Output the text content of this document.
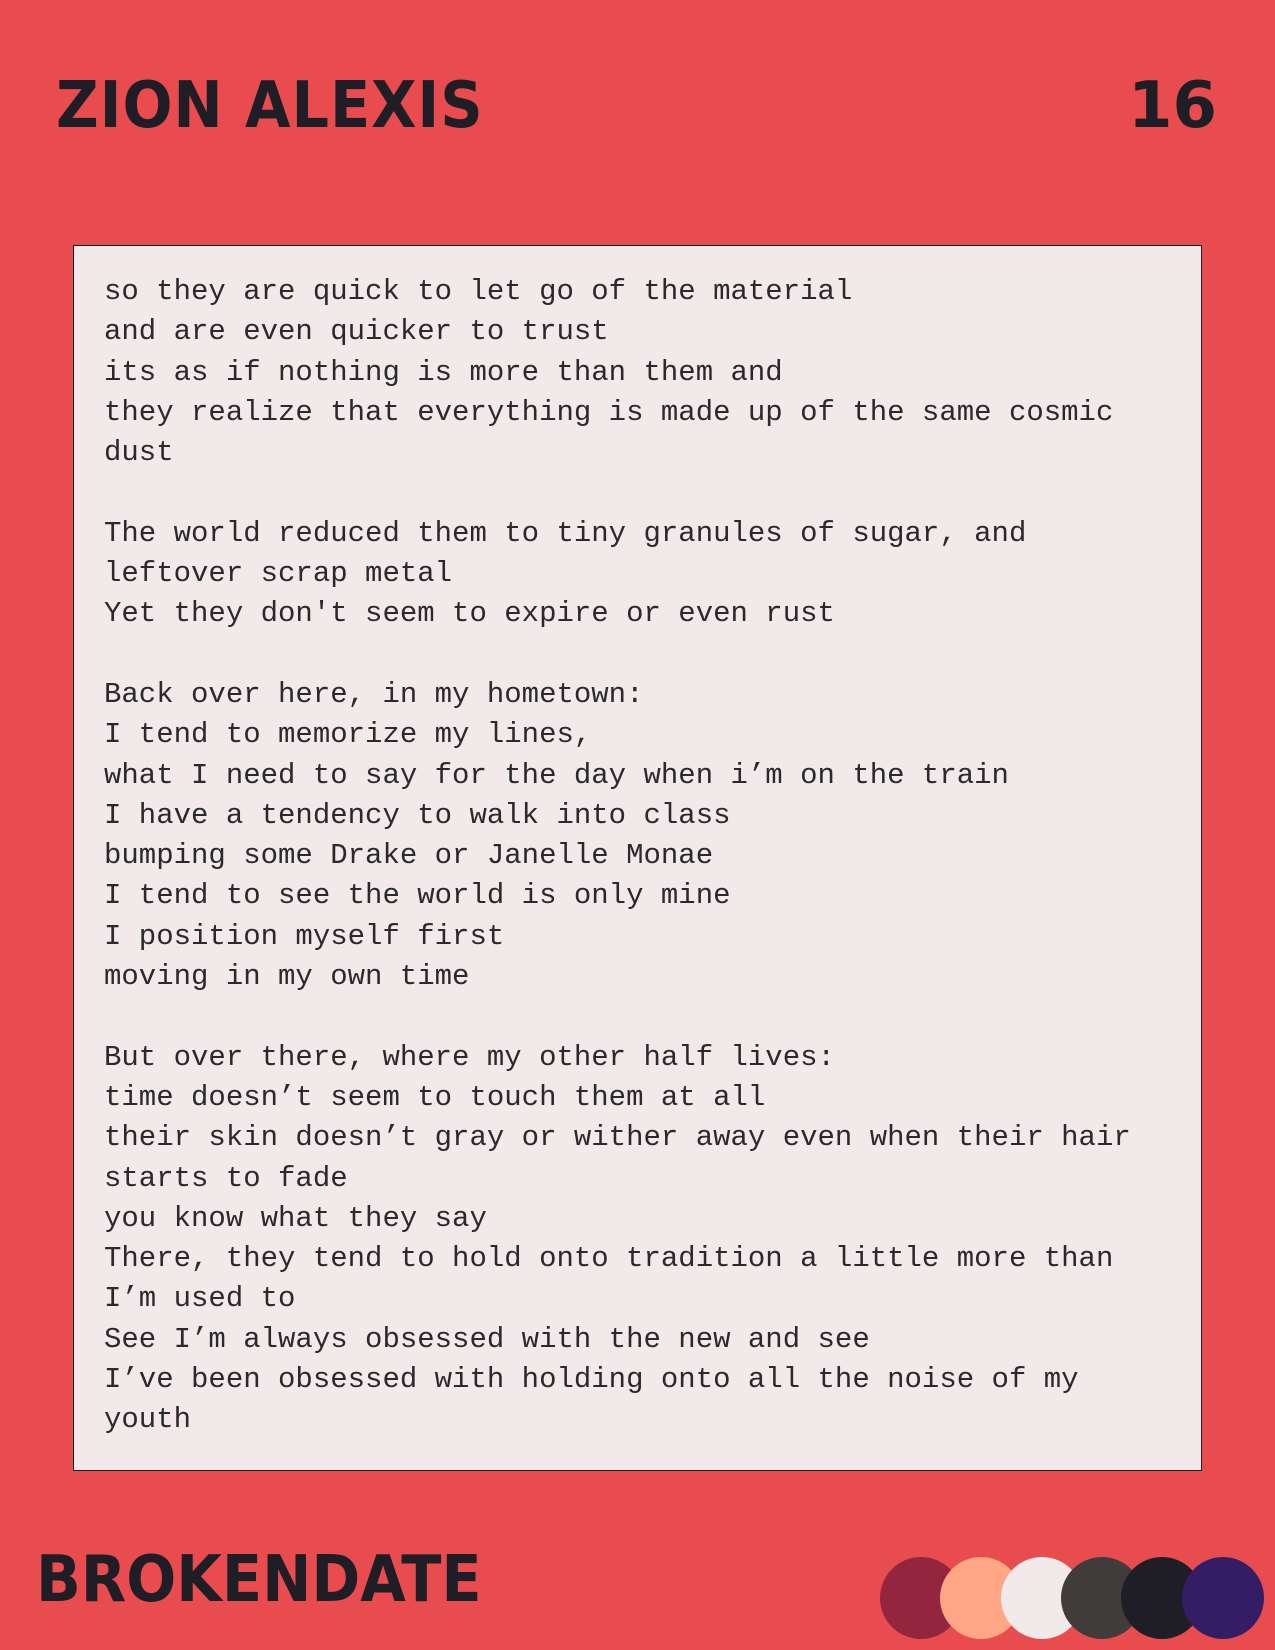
ZION ALEXIS	16
so they are quick to let go of the material
and are even quicker to trust
its as if nothing is more than them and
they realize that everything is made up of the same cosmic
dust
The world reduced them to tiny granules of sugar, and
leftover scrap metal
Yet they don't seem to expire or even rust
Back over here, in my hometown:
I tend to memorize my lines,
what I need to say for the day when i’m on the train
I have a tendency to walk into class
bumping some Drake or Janelle Monae
I tend to see the world is only mine
I position myself first
moving in my own time
But over there, where my other half lives:
time doesn’t seem to touch them at all
their skin doesn’t gray or wither away even when their hair
starts to fade
you know what they say
There, they tend to hold onto tradition a little more than
I’m used to
See I’m always obsessed with the new and see
I’ve been obsessed with holding onto all the noise of my
youth
BROKENDATE
